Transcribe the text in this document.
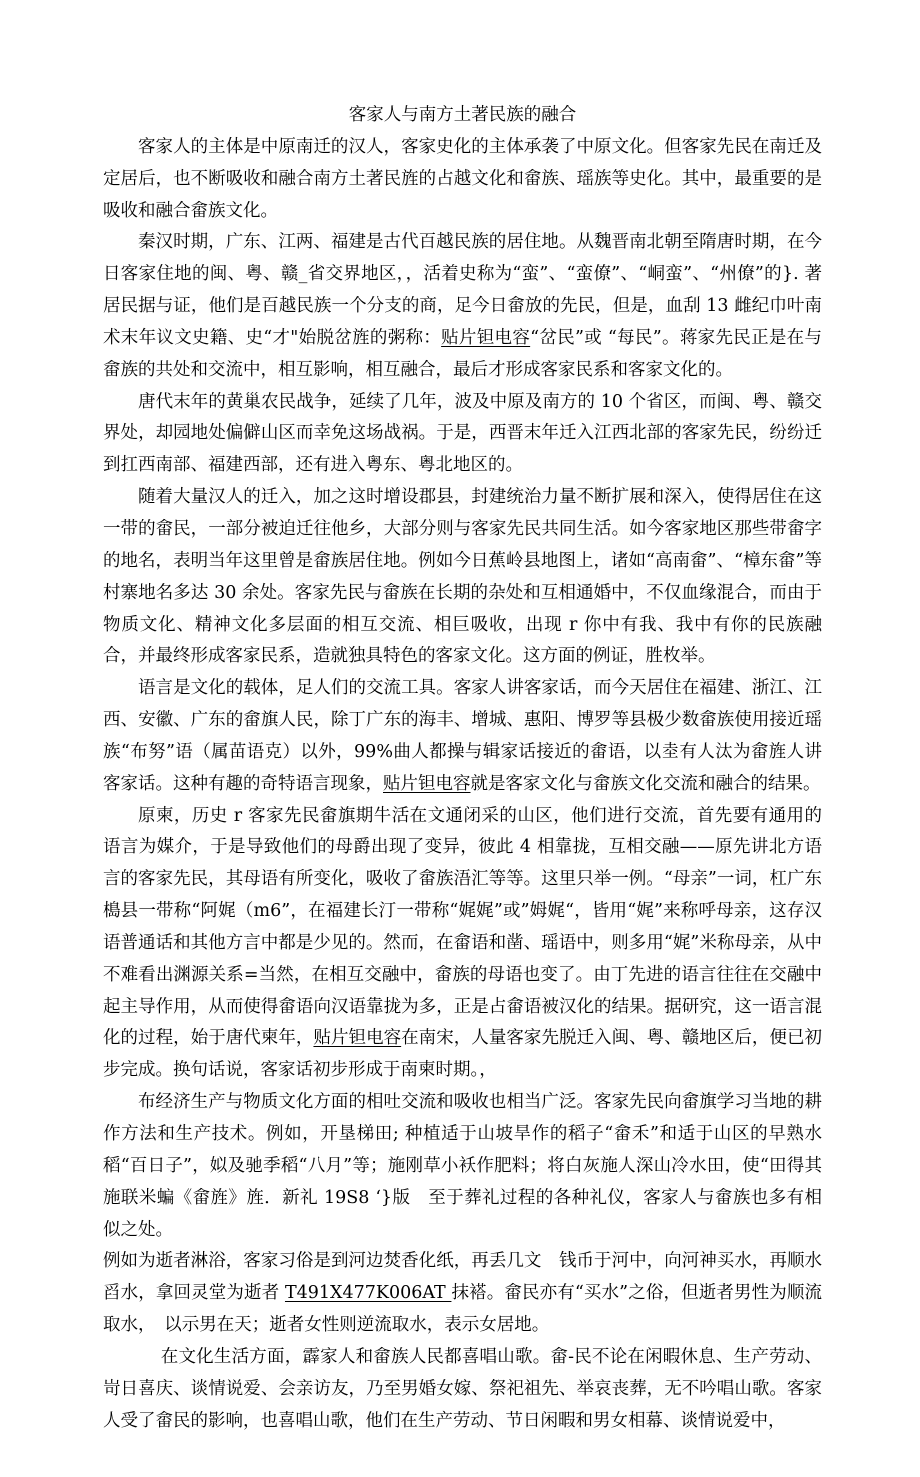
客家人与南方土著民族的融合

客家人的主体是中原南迁的汉人，客家史化的主体承袭了中原文化。但客家先民在南迁及定居后，也不断吸收和融合南方土著民旌的占越文化和畲族、瑶族等史化。其中，最重要的是吸收和融合畲族文化。

秦汉时期，广东、江两、福建是古代百越民族的居住地。从魏晋南北朝至隋唐时期，在今日客家住地的闽、粤、赣_省交界地区，，活着史称为“蛮”、“蛮僚”、“峒蛮”、“州僚”的}. 著居民据与证，他们是百越民族一个分支的商，足今日畲放的先民，但是，血刮 13 雌纪巾叶南术末年议文史籍、史“才"始脱岔旌的粥称：贴片钽电容“岔民”或 “每民”。蒋家先民正是在与畲族的共处和交流中，相互影响，相互融合，最后才形成客家民系和客家文化的。

唐代末年的黄巢农民战争，延续了几年，波及中原及南方的 10 个省区，而闽、粤、赣交界处，却园地处偏僻山区而幸免这场战祸。于是，西晋末年迁入江西北部的客家先民，纷纷迁到扛西南部、福建西部，还有进入粤东、粤北地区的。

随着大量汉人的迁入，加之这时增设郡县，封建统治力量不断扩展和深入，使得居住在这一带的畲民，一部分被迫迁往他乡，大部分则与客家先民共同生活。如今客家地区那些带畲字的地名，表明当年这里曾是畲族居住地。例如今日蕉岭县地图上，诸如“高南畲”、“樟东畲”等村寨地名多达 30 余处。客家先民与畲族在长期的杂处和互相通婚中，不仅血缘混合，而由于物质文化、精神文化多层面的相互交流、相巨吸收，出现 r 你中有我、我中有你的民族融合，并最终形成客家民系，造就独具特色的客家文化。这方面的例证，胜枚举。

语言是文化的载体，足人们的交流工具。客家人讲客家话，而今天居住在福建、浙江、江西、安徽、广东的畲旗人民，除丁广东的海丰、增城、惠阳、博罗等县极少数畲族使用接近瑶族“布努”语（属苗语克）以外，99%曲人都操与辑家话接近的畬语，以坴有人汰为畲旌人讲客家话。这种有趣的奇特语言现象，贴片钽电容就是客家文化与畲族文化交流和融合的结果。

原柬，历史 r 客家先民畲旗期牛活在文通闭采的山区，他们进行交流，首先要有通用的语言为媒介，于是导致他们的母爵出现了变异，彼此 4 相靠拢，互相交融——原先讲北方语言的客家先民，其母语有所变化，吸收了畲族浯汇等等。这里只举一例。“母亲”一词，杠广东槝县一带称“阿娓（m6”，在福建长汀一带称“娓娓”或”姆娓“，皆用“娓”来称呼母亲，这存汉语普通话和其他方言中都是少见的。然而，在畲语和凿、瑶语中，则多用“娓”米称母亲，从中不难看出渊源关系=当然，在相互交融中，畲族的母语也变了。由丁先进的语言往往在交融中起主导作用，从而使得畲语向汉语靠拢为多，正是占畲语被汉化的结果。据研究，这一语言混化的过程，始于唐代柬年，贴片钽电容在南宋，人量客家先脱迁入闽、粤、赣地区后，便已初步完成。换句话说，客家话初步形成于南柬时期。，

布经济生产与物质文化方面的相吐交流和吸收也相当广泛。客家先民向畲旗学习当地的耕作方法和生产技术。例如，开垦梯田; 种植适于山坡旱作的稻子“畲禾”和适于山区的早熟水稻“百日子”，姒及驰季稻“八月”等；施刚草小袄作肥料；将白灰施人深山冷水田，使“田得其施联米蝙《畲旌》旌．新礼 19S8 ‘}版　至于葬礼过程的各种礼仪，客家人与畲族也多有相似之处。

例如为逝者淋浴，客家习俗是到河边焚香化纸，再丢几文　钱币于河中，向河神买水，再顺水舀水，拿回灵堂为逝者 T491X477K006AT 抹褡。畲民亦有“买水”之俗，但逝者男性为顺流取水，　以示男在天；逝者女性则逆流取水，表示女居地。

在文化生活方面，霹家人和畲族人民都喜唱山歌。畲-民不论在闲暇休息、生产劳动、岢日喜庆、谈情说爱、会亲访友，乃至男婚女嫁、祭祀祖先、举哀丧葬，无不吟唱山歌。客家人受了畲民的影响，也喜唱山歌，他们在生产劳动、节日闲暇和男女相幕、谈情说爱中，
